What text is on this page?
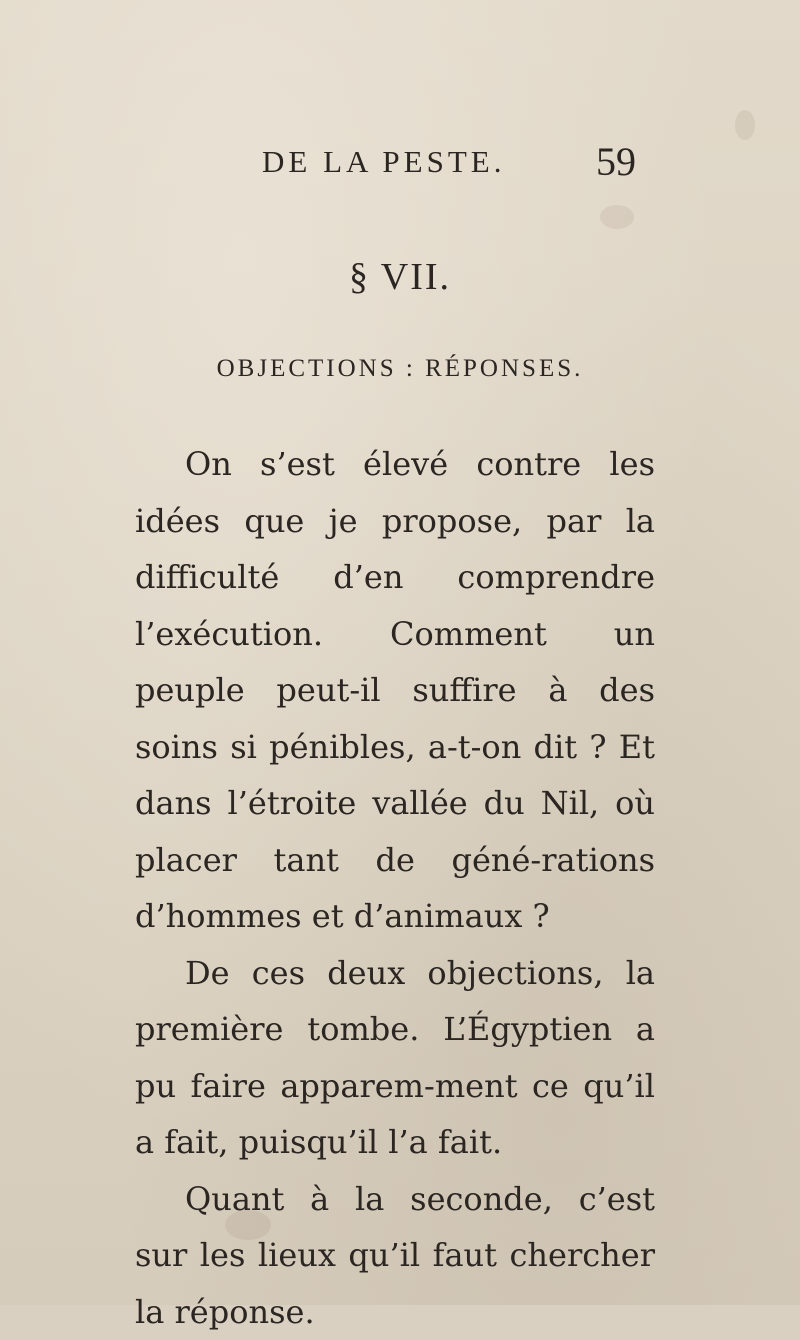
DE LA PESTE. 59
§ VII.
OBJECTIONS : RÉPONSES.

On s’est élevé contre les idées que je propose, par la difficulté d’en comprendre l’exécution. Comment un peuple peut-il suffire à des soins si pénibles, a-t-on dit ? Et dans l’étroite vallée du Nil, où placer tant de géné-rations d’hommes et d’animaux ?

De ces deux objections, la première tombe. L’Égyptien a pu faire apparem-ment ce qu’il a fait, puisqu’il l’a fait.

Quant à la seconde, c’est sur les lieux qu’il faut chercher la réponse.
